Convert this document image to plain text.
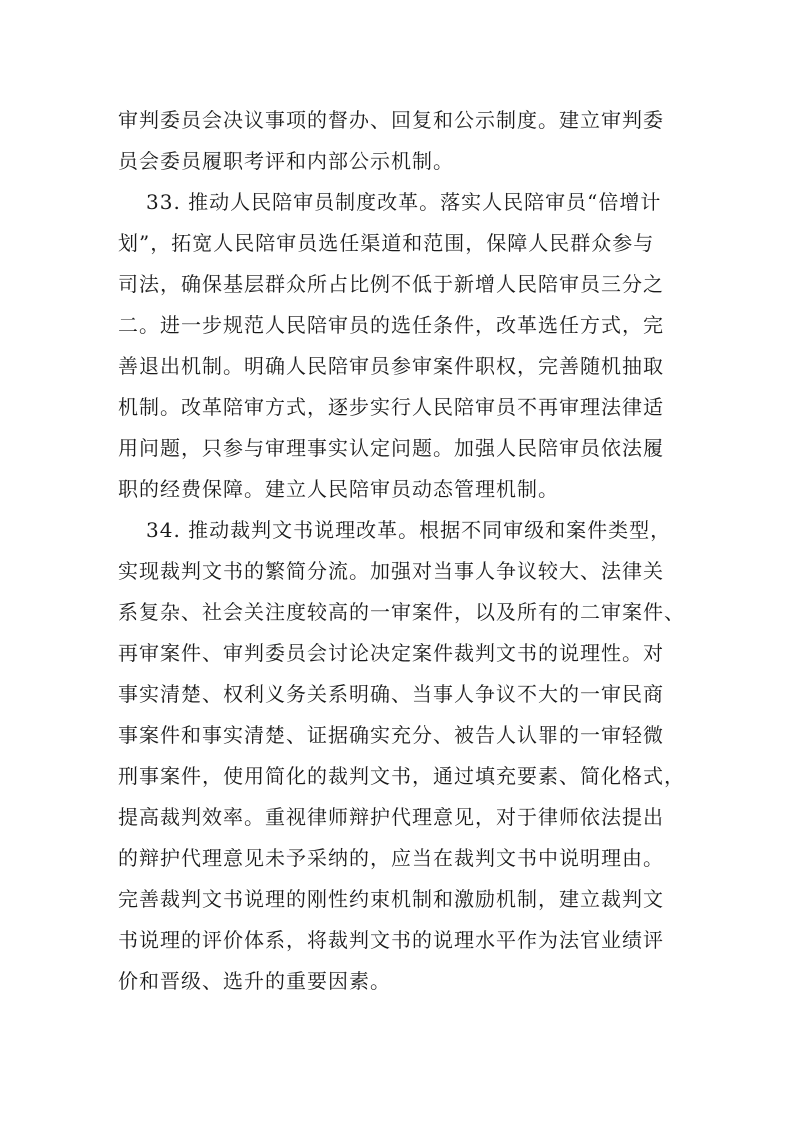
审判委员会决议事项的督办、回复和公示制度。建立审判委
员会委员履职考评和内部公示机制。
33. 推动人民陪审员制度改革。落实人民陪审员“倍增计
划”，拓宽人民陪审员选任渠道和范围，保障人民群众参与
司法，确保基层群众所占比例不低于新增人民陪审员三分之
二。进一步规范人民陪审员的选任条件，改革选任方式，完
善退出机制。明确人民陪审员参审案件职权，完善随机抽取
机制。改革陪审方式，逐步实行人民陪审员不再审理法律适
用问题，只参与审理事实认定问题。加强人民陪审员依法履
职的经费保障。建立人民陪审员动态管理机制。
34. 推动裁判文书说理改革。根据不同审级和案件类型，
实现裁判文书的繁简分流。加强对当事人争议较大、法律关
系复杂、社会关注度较高的一审案件，以及所有的二审案件、
再审案件、审判委员会讨论决定案件裁判文书的说理性。对
事实清楚、权利义务关系明确、当事人争议不大的一审民商
事案件和事实清楚、证据确实充分、被告人认罪的一审轻微
刑事案件，使用简化的裁判文书，通过填充要素、简化格式，
提高裁判效率。重视律师辩护代理意见，对于律师依法提出
的辩护代理意见未予采纳的，应当在裁判文书中说明理由。
完善裁判文书说理的刚性约束机制和激励机制，建立裁判文
书说理的评价体系，将裁判文书的说理水平作为法官业绩评
价和晋级、选升的重要因素。
